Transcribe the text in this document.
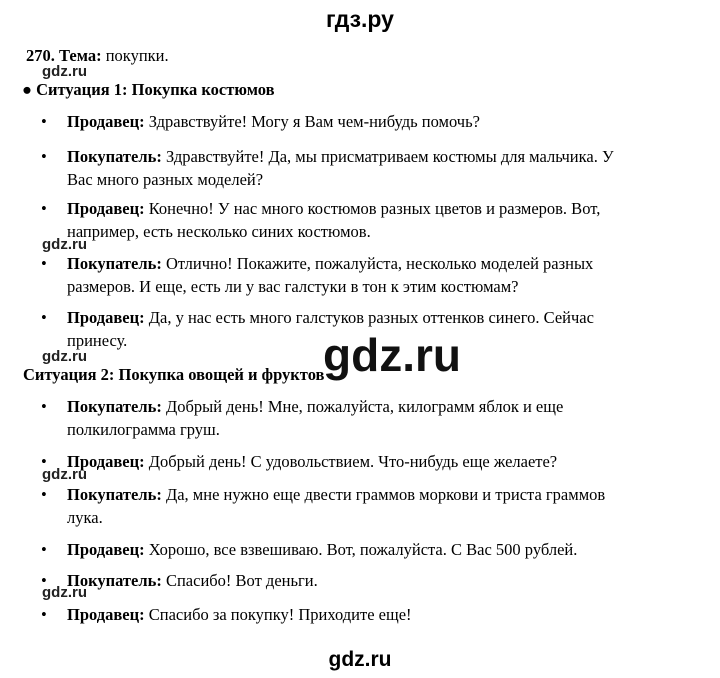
гдз.ру
270. Тема: покупки.
gdz.ru
gdz.ru
gdz.ru
gdz.ru
gdz.ru
● Ситуация 1: Покупка костюмов
• Продавец: Здравствуйте! Могу я Вам чем-нибудь помочь?
• Покупатель: Здравствуйте! Да, мы присматриваем костюмы для мальчика. У
Вас много разных моделей?
• Продавец: Конечно! У нас много костюмов разных цветов и размеров. Вот,
например, есть несколько синих костюмов.
• Покупатель: Отлично! Покажите, пожалуйста, несколько моделей разных
размеров. И еще, есть ли у вас галстуки в тон к этим костюмам?
• Продавец: Да, у нас есть много галстуков разных оттенков синего. Сейчас
принесу.
Ситуация 2: Покупка овощей и фруктов
gdz.ru
• Покупатель: Добрый день! Мне, пожалуйста, килограмм яблок и еще
полкилограмма груш.
• Продавец: Добрый день! С удовольствием. Что-нибудь еще желаете?
• Покупатель: Да, мне нужно еще двести граммов моркови и триста граммов
лука.
• Продавец: Хорошо, все взвешиваю. Вот, пожалуйста. С Вас 500 рублей.
• Покупатель: Спасибо! Вот деньги.
• Продавец: Спасибо за покупку! Приходите еще!
gdz.ru
